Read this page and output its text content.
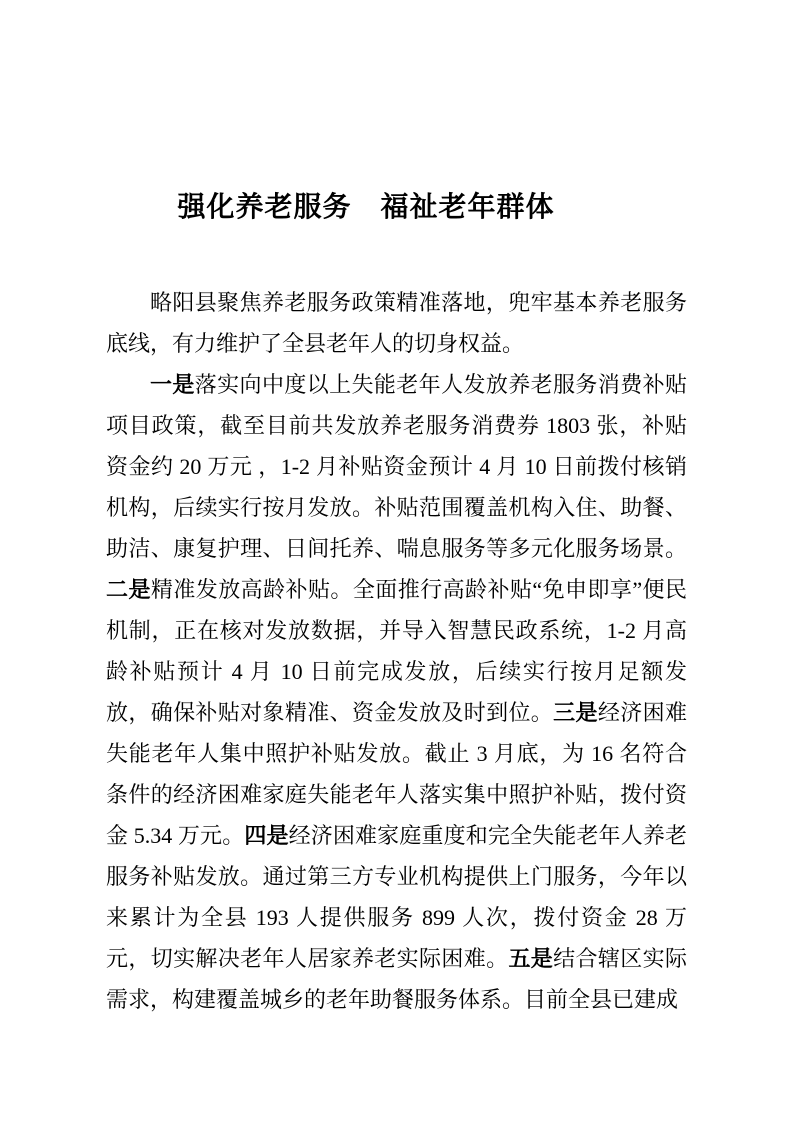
强化养老服务　福祉老年群体

略阳县聚焦养老服务政策精准落地，兜牢基本养老服务底线，有力维护了全县老年人的切身权益。

一是落实向中度以上失能老年人发放养老服务消费补贴项目政策，截至目前共发放养老服务消费券 1803 张，补贴资金约 20 万元 ，1-2 月补贴资金预计 4 月 10 日前拨付核销机构，后续实行按月发放。补贴范围覆盖机构入住、助餐、助洁、康复护理、日间托养、喘息服务等多元化服务场景。二是精准发放高龄补贴。全面推行高龄补贴“免申即享”便民机制，正在核对发放数据，并导入智慧民政系统，1-2 月高龄补贴预计 4 月 10 日前完成发放，后续实行按月足额发放，确保补贴对象精准、资金发放及时到位。三是经济困难失能老年人集中照护补贴发放。截止 3 月底，为 16 名符合条件的经济困难家庭失能老年人落实集中照护补贴，拨付资金 5.34 万元。四是经济困难家庭重度和完全失能老年人养老服务补贴发放。通过第三方专业机构提供上门服务，今年以来累计为全县 193 人提供服务 899 人次，拨付资金 28 万元，切实解决老年人居家养老实际困难。五是结合辖区实际需求，构建覆盖城乡的老年助餐服务体系。目前全县已建成
